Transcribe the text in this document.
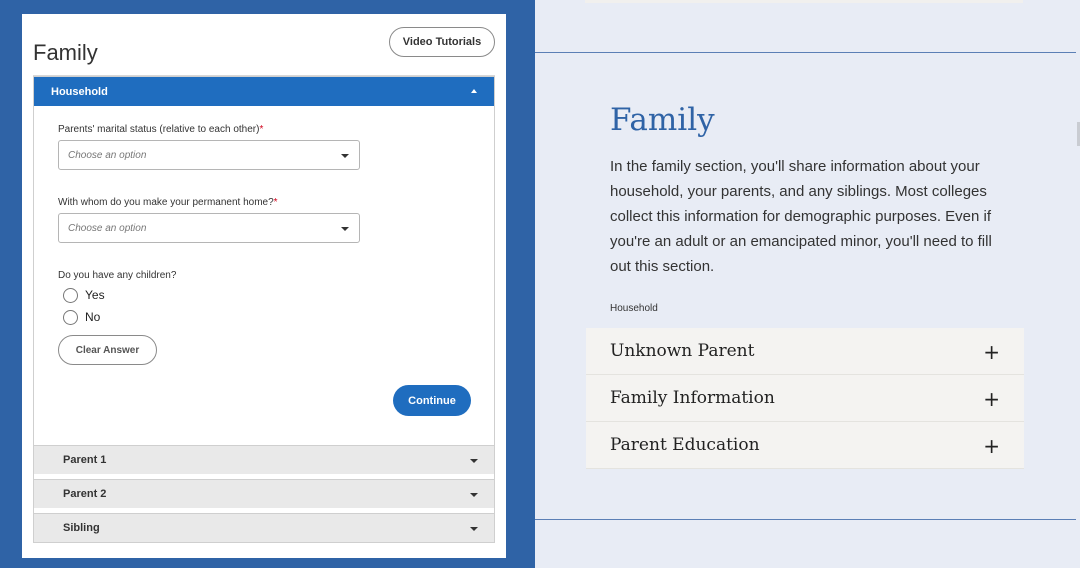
Family	Video Tutorials
Household
Parents' marital status (relative to each other)*
Choose an option
With whom do you make your permanent home?*
Choose an option
Do you have any children?
Yes
No
Clear Answer
Continue
Parent 1
Parent 2
Sibling
Family
In the family section, you'll share information about your household, your parents, and any siblings. Most colleges collect this information for demographic purposes. Even if you're an adult or an emancipated minor, you'll need to fill out this section.
Household
Unknown Parent	+
Family Information	+
Parent Education	+
